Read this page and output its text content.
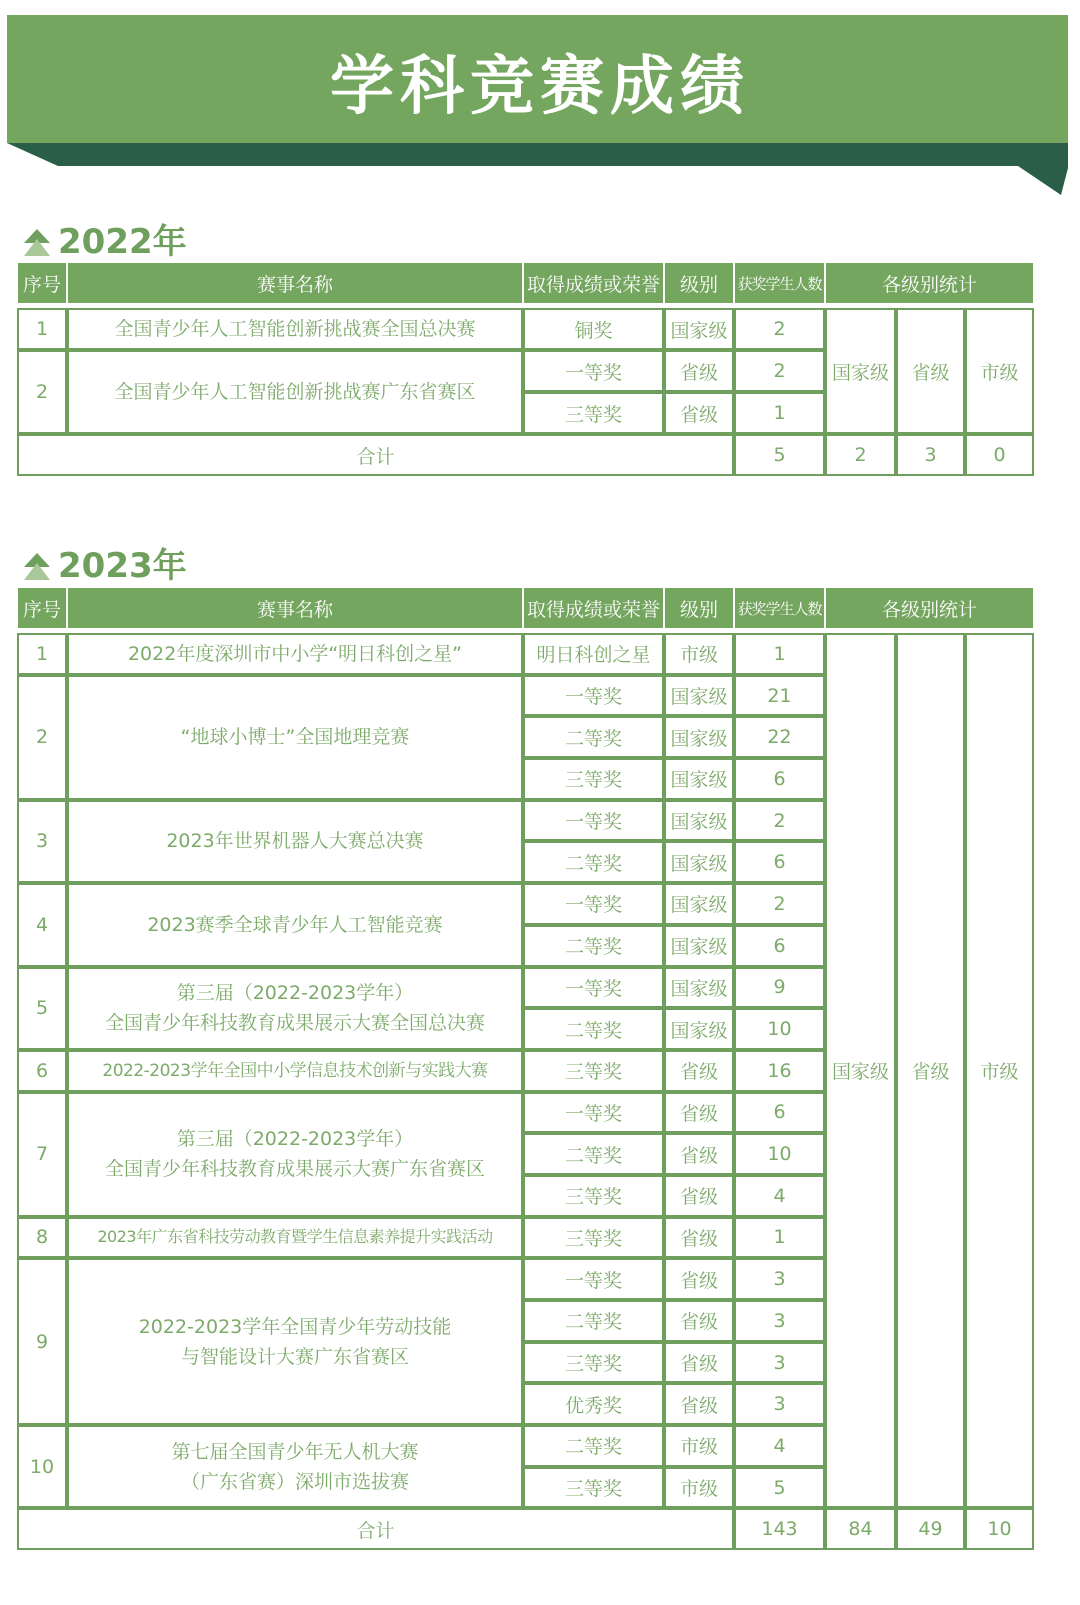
学科竞赛成绩
2022年
序号	赛事名称	取得成绩或荣誉	级别	获奖学生人数	各级别统计		

1	全国青少年人工智能创新挑战赛全国总决赛	铜奖	国家级	2	国家级	省级	市级
2	全国青少年人工智能创新挑战赛广东省赛区	一等奖	省级	2			
		三等奖	省级	1			
合计				5	2	3	0
2023年
序号	赛事名称	取得成绩或荣誉	级别	获奖学生人数	各级别统计		

1	2022年度深圳市中小学“明日科创之星”	明日科创之星	市级	1	国家级	省级	市级
2	“地球小博士”全国地理竞赛	一等奖	国家级	21			
		二等奖	国家级	22			
		三等奖	国家级	6			
3	2023年世界机器人大赛总决赛	一等奖	国家级	2			
		二等奖	国家级	6			
4	2023赛季全球青少年人工智能竞赛	一等奖	国家级	2			
		二等奖	国家级	6			
5	第三届（2022-2023学年）
全国青少年科技教育成果展示大赛全国总决赛	一等奖	国家级	9			
		二等奖	国家级	10			
6	2022-2023学年全国中小学信息技术创新与实践大赛	三等奖	省级	16			
7	第三届（2022-2023学年）
全国青少年科技教育成果展示大赛广东省赛区	一等奖	省级	6			
		二等奖	省级	10			
		三等奖	省级	4			
8	2023年广东省科技劳动教育暨学生信息素养提升实践活动	三等奖	省级	1			
9	2022-2023学年全国青少年劳动技能
与智能设计大赛广东省赛区	一等奖	省级	3			
		二等奖	省级	3			
		三等奖	省级	3			
		优秀奖	省级	3			
10	第七届全国青少年无人机大赛
（广东省赛）深圳市选拔赛	二等奖	市级	4			
		三等奖	市级	5			
合计				143	84	49	10
